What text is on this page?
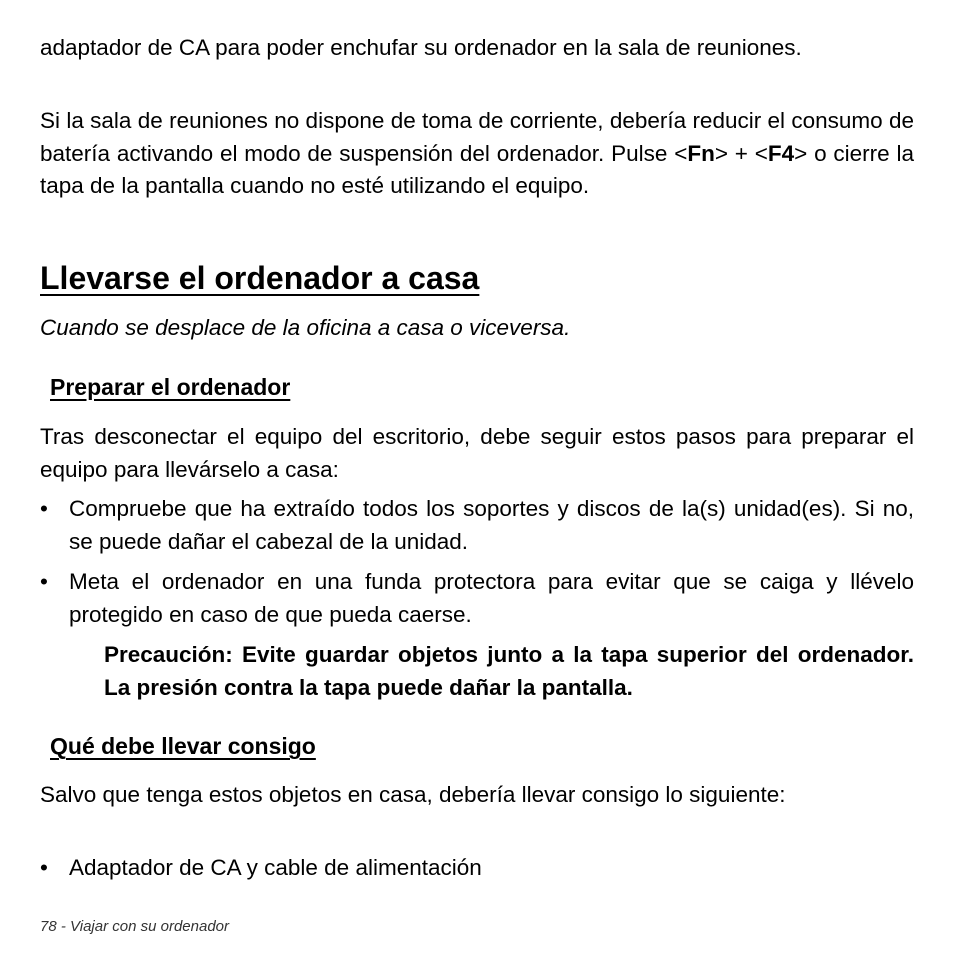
adaptador de CA para poder enchufar su ordenador en la sala de reuniones.

Si la sala de reuniones no dispone de toma de corriente, debería reducir el consumo de batería activando el modo de suspensión del ordenador. Pulse <Fn> + <F4> o cierre la tapa de la pantalla cuando no esté utilizando el equipo.

Llevarse el ordenador a casa
Cuando se desplace de la oficina a casa o viceversa.
Preparar el ordenador

Tras desconectar el equipo del escritorio, debe seguir estos pasos para preparar el equipo para llevárselo a casa:

• Compruebe que ha extraído todos los soportes y discos de la(s) unidad(es). Si no, se puede dañar el cabezal de la unidad.
• Meta el ordenador en una funda protectora para evitar que se caiga y llévelo protegido en caso de que pueda caerse.

Precaución: Evite guardar objetos junto a la tapa superior del ordenador. La presión contra la tapa puede dañar la pantalla.

Qué debe llevar consigo

Salvo que tenga estos objetos en casa, debería llevar consigo lo siguiente:

• Adaptador de CA y cable de alimentación
78 - Viajar con su ordenador
